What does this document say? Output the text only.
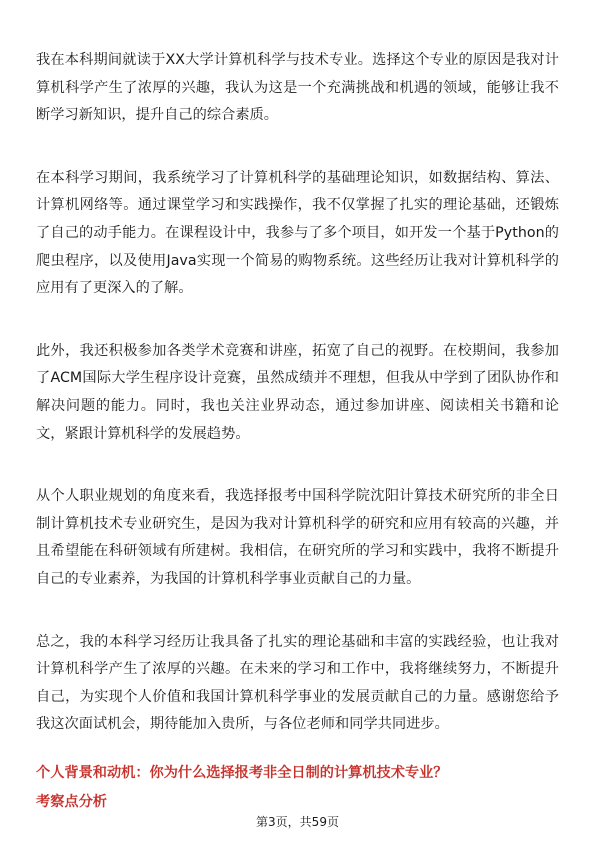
我在本科期间就读于XX大学计算机科学与技术专业。选择这个专业的原因是我对计算机科学产生了浓厚的兴趣，我认为这是一个充满挑战和机遇的领域，能够让我不断学习新知识，提升自己的综合素质。

在本科学习期间，我系统学习了计算机科学的基础理论知识，如数据结构、算法、计算机网络等。通过课堂学习和实践操作，我不仅掌握了扎实的理论基础，还锻炼了自己的动手能力。在课程设计中，我参与了多个项目，如开发一个基于Python的爬虫程序，以及使用Java实现一个简易的购物系统。这些经历让我对计算机科学的应用有了更深入的了解。

此外，我还积极参加各类学术竞赛和讲座，拓宽了自己的视野。在校期间，我参加了ACM国际大学生程序设计竞赛，虽然成绩并不理想，但我从中学到了团队协作和解决问题的能力。同时，我也关注业界动态，通过参加讲座、阅读相关书籍和论文，紧跟计算机科学的发展趋势。

从个人职业规划的角度来看，我选择报考中国科学院沈阳计算技术研究所的非全日制计算机技术专业研究生，是因为我对计算机科学的研究和应用有较高的兴趣，并且希望能在科研领域有所建树。我相信，在研究所的学习和实践中，我将不断提升自己的专业素养，为我国的计算机科学事业贡献自己的力量。

总之，我的本科学习经历让我具备了扎实的理论基础和丰富的实践经验，也让我对计算机科学产生了浓厚的兴趣。在未来的学习和工作中，我将继续努力，不断提升自己，为实现个人价值和我国计算机科学事业的发展贡献自己的力量。感谢您给予我这次面试机会，期待能加入贵所，与各位老师和同学共同进步。

个人背景和动机：你为什么选择报考非全日制的计算机技术专业？

考察点分析

第3页，共59页
